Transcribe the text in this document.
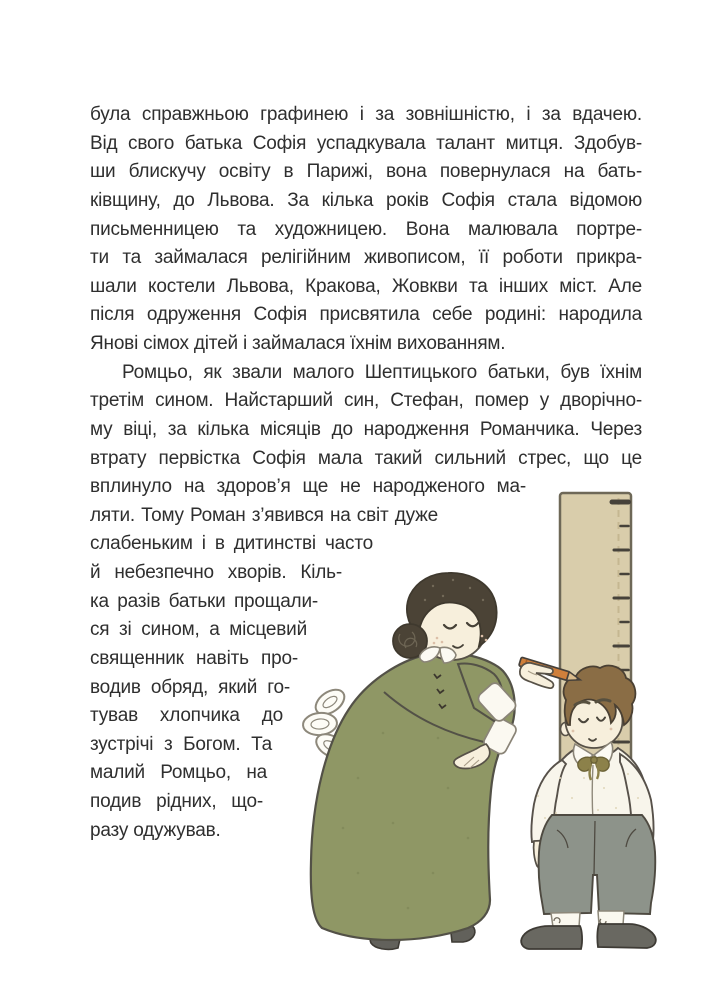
була справжньою графинею і за зовнішністю, і за вдачею.
Від свого батька Софія успадкувала талант митця. Здобув-
ши блискучу освіту в Парижі, вона повернулася на бать-
ківщину, до Львова. За кілька років Софія стала відомою
письменницею та художницею. Вона малювала портре-
ти та займалася релігійним живописом, її роботи прикра-
шали костели Львова, Кракова, Жовкви та інших міст. Але
після одруження Софія присвятила себе родині: народила
Янові сімох дітей і займалася їхнім вихованням.
Ромцьо, як звали малого Шептицького батьки, був їхнім
третім сином. Найстарший син, Стефан, помер у дворічно-
му віці, за кілька місяців до народження Романчика. Через
втрату первістка Софія мала такий сильний стрес, що це
вплинуло на здоров’я ще не народженого ма-
ляти. Тому Роман з’явився на світ дуже
слабеньким і в дитинстві часто
й небезпечно хворів. Кіль-
ка разів батьки прощали-
ся зі сином, а місцевий
священник навіть про-
водив обряд, який го-
тував хлопчика до
зустрічі з Богом. Та
малий Ромцьо, на
подив рідних, що-
разу одужував.
